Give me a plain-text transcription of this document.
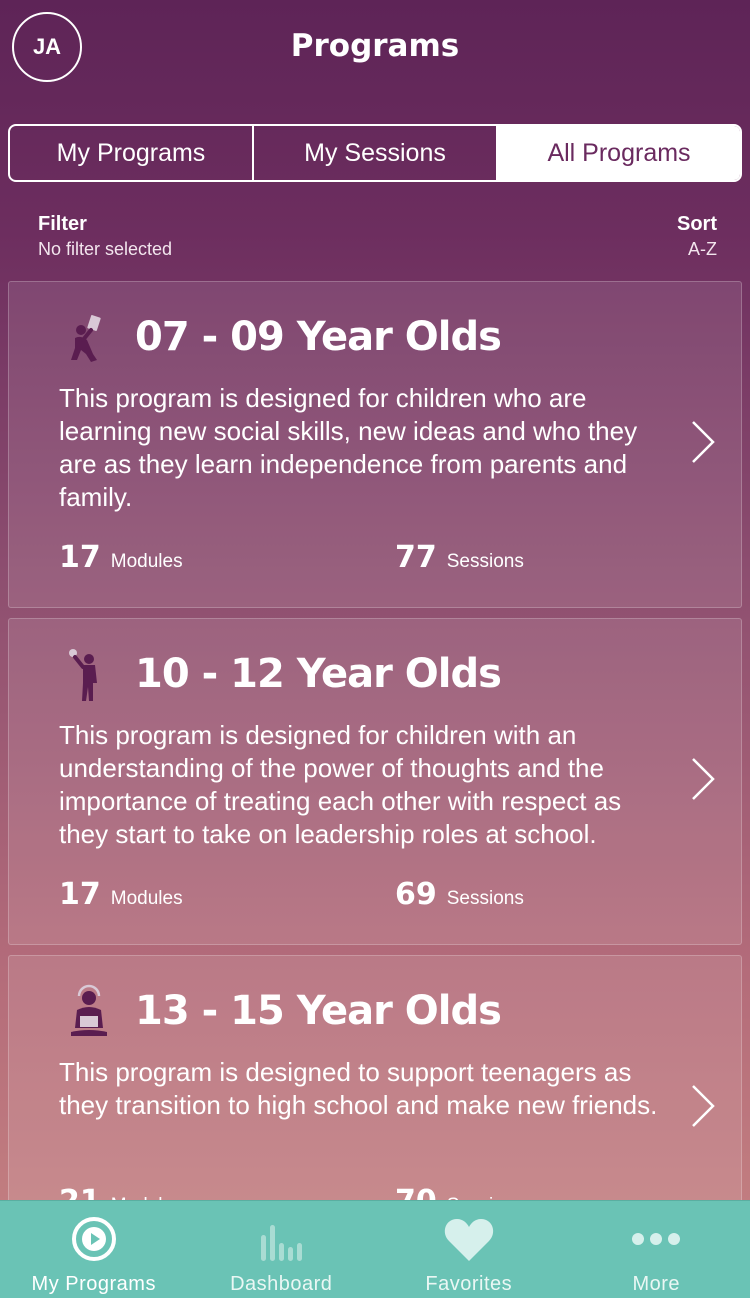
JA	Programs
My Programs	My Sessions	All Programs
Filter
No filter selected
Sort
A-Z
07 - 09 Year Olds
This program is designed for children who are learning new social skills, new ideas and who they are as they learn independence from parents and family.
17 Modules	77 Sessions
10 - 12 Year Olds
This program is designed for children with an understanding of the power of thoughts and the importance of treating each other with respect as they start to take on leadership roles at school.
17 Modules	69 Sessions
13 - 15 Year Olds
This program is designed to support teenagers as they transition to high school and make new friends.
My Programs	Dashboard	Favorites	More
